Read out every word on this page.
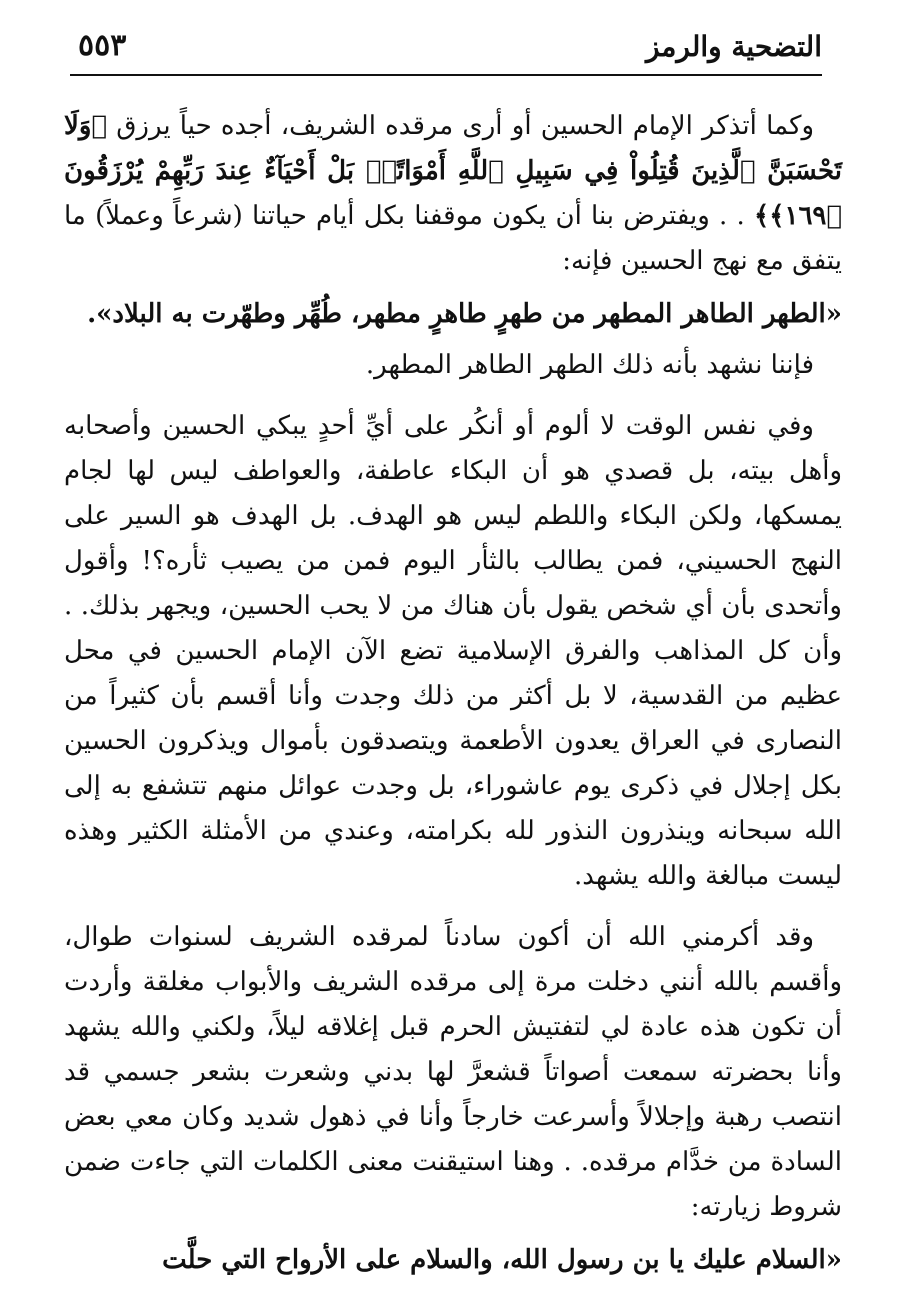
التضحية والرمز
٥٥٣

وكما أتذكر الإمام الحسين أو أرى مرقده الشريف، أجده حياً يرزق ﴿وَلَا تَحْسَبَنَّ ٱلَّذِينَ قُتِلُواْ فِي سَبِيلِ ٱللَّهِ أَمْوَاتًاۢ بَلْ أَحْيَآءٌ عِندَ رَبِّهِمْ يُرْزَقُونَ ﴿١٦٩﴾﴾ . . ويفترض بنا أن يكون موقفنا بكل أيام حياتنا (شرعاً وعملاً) ما يتفق مع نهج الحسين فإنه:

«الطهر الطاهر المطهر من طهرٍ طاهرٍ مطهر، طُهِّر وطهّرت به البلاد».

فإننا نشهد بأنه ذلك الطهر الطاهر المطهر.

وفي نفس الوقت لا ألوم أو أنكُر على أيِّ أحدٍ يبكي الحسين وأصحابه وأهل بيته، بل قصدي هو أن البكاء عاطفة، والعواطف ليس لها لجام يمسكها، ولكن البكاء واللطم ليس هو الهدف. بل الهدف هو السير على النهج الحسيني، فمن يطالب بالثأر اليوم فمن من يصيب ثأره؟! وأقول وأتحدى بأن أي شخص يقول بأن هناك من لا يحب الحسين، ويجهر بذلك. . وأن كل المذاهب والفرق الإسلامية تضع الآن الإمام الحسين في محل عظيم من القدسية، لا بل أكثر من ذلك وجدت وأنا أقسم بأن كثيراً من النصارى في العراق يعدون الأطعمة ويتصدقون بأموال ويذكرون الحسين بكل إجلال في ذكرى يوم عاشوراء، بل وجدت عوائل منهم تتشفع به إلى الله سبحانه وينذرون النذور لله بكرامته، وعندي من الأمثلة الكثير وهذه ليست مبالغة والله يشهد.

وقد أكرمني الله أن أكون سادناً لمرقده الشريف لسنوات طوال، وأقسم بالله أنني دخلت مرة إلى مرقده الشريف والأبواب مغلقة وأردت أن تكون هذه عادة لي لتفتيش الحرم قبل إغلاقه ليلاً، ولكني والله يشهد وأنا بحضرته سمعت أصواتاً قشعرَّ لها بدني وشعرت بشعر جسمي قد انتصب رهبة وإجلالاً وأسرعت خارجاً وأنا في ذهول شديد وكان معي بعض السادة من خدَّام مرقده. . وهنا استيقنت معنى الكلمات التي جاءت ضمن شروط زيارته:

«السلام عليك يا بن رسول الله، والسلام على الأرواح التي حلَّت
